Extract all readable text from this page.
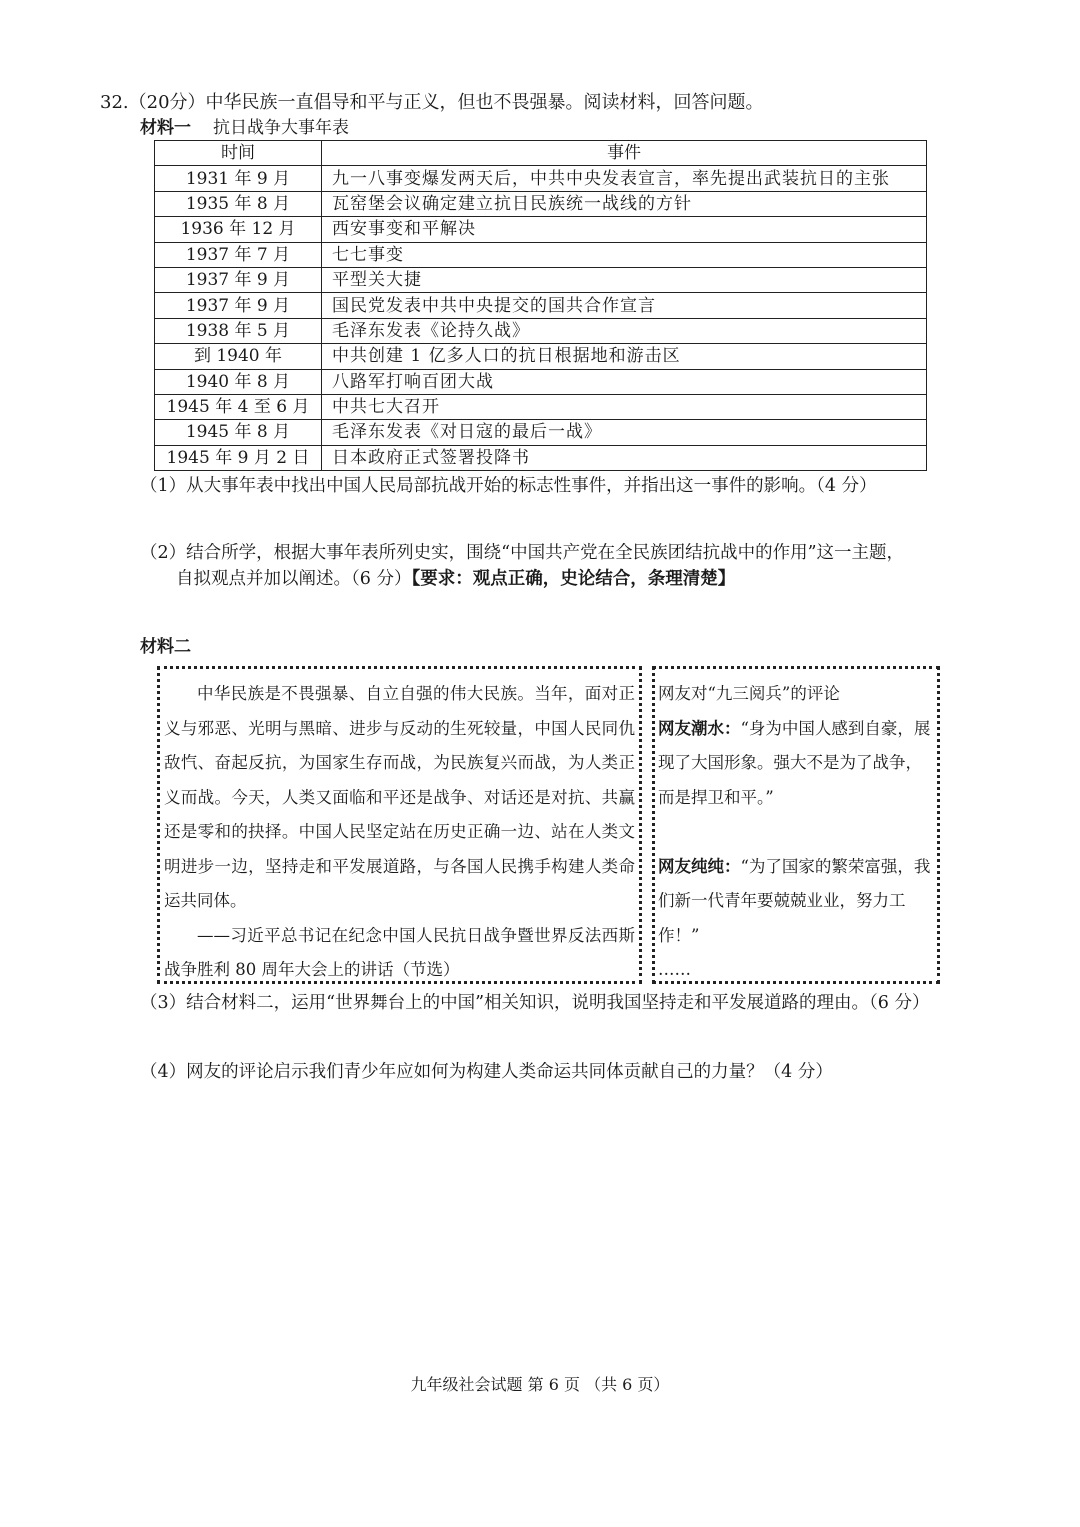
32.（20分）中华民族一直倡导和平与正义，但也不畏强暴。阅读材料，回答问题。
材料一 抗日战争大事年表
时间	事件
1931 年 9 月	九一八事变爆发两天后，中共中央发表宣言，率先提出武装抗日的主张
1935 年 8 月	瓦窑堡会议确定建立抗日民族统一战线的方针
1936 年 12 月	西安事变和平解决
1937 年 7 月	七七事变
1937 年 9 月	平型关大捷
1937 年 9 月	国民党发表中共中央提交的国共合作宣言
1938 年 5 月	毛泽东发表《论持久战》
到 1940 年	中共创建 1 亿多人口的抗日根据地和游击区
1940 年 8 月	八路军打响百团大战
1945 年 4 至 6 月	中共七大召开
1945 年 8 月	毛泽东发表《对日寇的最后一战》
1945 年 9 月 2 日	日本政府正式签署投降书
（1）从大事年表中找出中国人民局部抗战开始的标志性事件，并指出这一事件的影响。（4 分）
（2）结合所学，根据大事年表所列史实，围绕“中国共产党在全民族团结抗战中的作用”这一主题，
自拟观点并加以阐述。（6 分）【要求：观点正确，史论结合，条理清楚】
材料二

中华民族是不畏强暴、自立自强的伟大民族。当年，面对正义与邪恶、光明与黑暗、进步与反动的生死较量，中国人民同仇敌忾、奋起反抗，为国家生存而战，为民族复兴而战，为人类正义而战。今天，人类又面临和平还是战争、对话还是对抗、共赢还是零和的抉择。中国人民坚定站在历史正确一边、站在人类文明进步一边，坚持走和平发展道路，与各国人民携手构建人类命运共同体。

——习近平总书记在纪念中国人民抗日战争暨世界反法西斯战争胜利 80 周年大会上的讲话（节选）

网友对“九三阅兵”的评论
网友潮水：“身为中国人感到自豪，展现了大国形象。强大不是为了战争，而是捍卫和平。”
网友纯纯：“为了国家的繁荣富强，我们新一代青年要兢兢业业，努力工作！”
……
（3）结合材料二，运用“世界舞台上的中国”相关知识，说明我国坚持走和平发展道路的理由。（6 分）
（4）网友的评论启示我们青少年应如何为构建人类命运共同体贡献自己的力量？（4 分）
九年级社会试题 第 6 页 （共 6 页）
